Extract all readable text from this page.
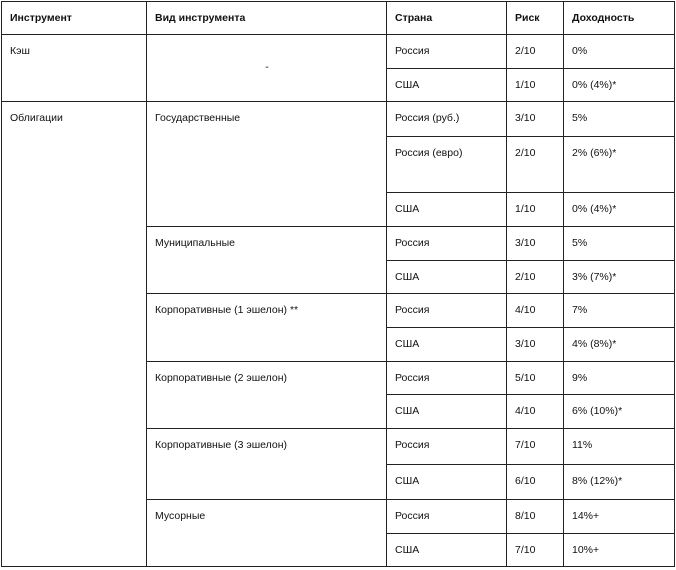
Инструмент	Вид инструмента	Страна	Риск	Доходность
Кэш	-	Россия	2/10	0%
		США	1/10	0% (4%)*
Облигации	Государственные	Россия (руб.)	3/10	5%
		Россия (евро)	2/10	2% (6%)*
		США	1/10	0% (4%)*
	Муниципальные	Россия	3/10	5%
		США	2/10	3% (7%)*
	Корпоративные (1 эшелон) **	Россия	4/10	7%
		США	3/10	4% (8%)*
	Корпоративные (2 эшелон)	Россия	5/10	9%
		США	4/10	6% (10%)*
	Корпоративные (3 эшелон)	Россия	7/10	11%
		США	6/10	8% (12%)*
	Мусорные	Россия	8/10	14%+
		США	7/10	10%+
